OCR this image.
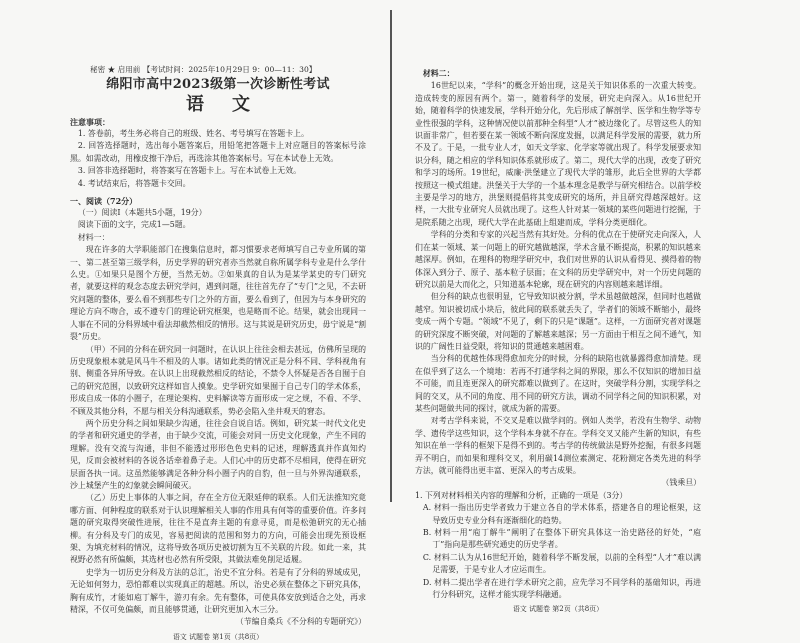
秘密 ★ 启用前 【考试时间：2025年10月29日 9：00—11：30】
绵阳市高中2023级第一次诊断性考试
语文
注意事项：

1. 答卷前，考生务必将自己的班级、姓名、考号填写在答题卡上。

2. 回答选择题时，选出每小题答案后，用铅笔把答题卡上对应题目的答案标号涂黑。如需改动，用橡皮擦干净后，再选涂其他答案标号。写在本试卷上无效。

3. 回答非选择题时，将答案写在答题卡上。写在本试卷上无效。

4. 考试结束后，将答题卡交回。

一、阅读（72分）

（一）阅读Ⅰ（本题共5小题，19分）

阅读下面的文字，完成1—5题。

材料一：

现在许多的大学职能部门在搜集信息时，都习惯要求老师填写自己专业所属的第一、第二甚至第三级学科，历史学界的研究者亦当然就自称所属学科专业是什么学什么史。①如果只是图个方便，当然无妨。②如果真的自认为是某学某史的专门研究者，就要这样的观念态度去研究学问，遇到问题，往往首先存了“专门”之见，不去研究问题的整体，要么看不到那些专门之外的方面，要么看到了，但因为与本身研究的理论方向不吻合，或不遵专门的理论研究框架，也是略而不论。结果，就会出现同一人事在不同的分科界域中看法却截然相反的情形。这与其说是研究历史，毋宁说是“割裂”历史。

（甲）不同的分科在研究同一问题时，在认识上往往会相去甚远，仿佛所呈现的历史现象根本就是风马牛不相及的人事。诸如此类的情况正是分科不同、学科视角有别、侧重各异所导致。在认识上出现截然相反的结论，不禁令人怀疑是否各自囿于自己的研究范围，以致研究这样如盲人摸象。史学研究如果囿于自己专门的学术体系，形成自成一体的小圈子，在理论架构、史料解读等方面形成一定之规，不看、不学、不顾及其他分科，不愿与相关分科沟通联系，势必会陷入坐井观天的窘态。

两个历史分科之间如果缺少沟通，往往会自说自话。例如，研究某一时代文化史的学者和研究通史的学者，由于缺少交流，可能会对同一历史文化现象，产生不同的理解。没有交流与沟通，非但不能透过形形色色史料的记述，理解透真并作真知灼见，反而会被材料的各说各话牵着鼻子走。人们心中的历史都不尽相同，使得在研究层面各执一词。这虽然能够满足各种分科小圈子内的自豹，但一旦与外界沟通联系，沙上城堡产生的幻象就会瞬间破灭。

（乙）历史上事体的人事之间，存在全方位无限延伸的联系。人们无法推知究竟哪方面、何种程度的联系对于认识理解相关人事的作用具有何等的重要价值。许多问题的研究取得突破性进展，往往不是直奔主题的有意寻觅，而是松弛研究的无心插柳。有分科及专门的成见，容易把阅读的范围和努力的方向，可能会出现先预设框架、为填充材料的情况，这将导致各项历史被切割为互不关联的片段。如此一来，其视野必然有所偏颇，其选材也必然有所受限，其做法难免削足适履。

史学为一切历史分科及方法的总汇，治史不宜分科。若是有了分科的界域成见，无论如何努力，恐怕都难以实现真正的超越。所以，治史必须在整体之下研究具体，胸有成竹，才能如庖丁解牛，游刃有余。先有整体，可使具体安放到适合之处，再求精深，不仅可免偏颇，而且能够贯通，让研究更加入木三分。

（节编自桑兵《不分科的专题研究》）
语文 试题卷 第1页（共8页）

材料二：

16世纪以来，“学科”的概念开始出现，这是关于知识体系的一次重大转变。造成转变的原因有两个。第一，随着科学的发展，研究走向深入。从16世纪开始，随着科学的快速发展，学科开始分化，先后形成了解剖学、医学和生物学等专业性很强的学科，这种情况使以前那种全科型“人才”被边缘化了。尽管这些人的知识面非常广，但若要在某一领域不断向深度发掘，以满足科学发展的需要，就力所不及了。于是，一批专业人才，如天文学家、化学家等就出现了。科学发展要求知识分科，随之相应的学科知识体系就形成了。第二，现代大学的出现，改变了研究和学习的场所。19世纪，威廉·洪堡建立了现代大学的雏形，此后全世界的大学都按照这一模式组建。洪堡关于大学的一个基本理念是教学与研究相结合。以前学校主要是学习的地方，洪堡则提倡将其变成研究的场所，并且研究得越深越好。这样，一大批专业研究人员就出现了。这些人针对某一领域的某些问题进行挖掘，于是院系随之出现，现代大学在此基础上组建而成，学科分类更细化。

学科的分类和专家的兴起当然有其好处。分科的优点在于使研究走向深入，人们在某一领域、某一问题上的研究越做越深，学术含量不断提高，积累的知识越来越深厚。例如，在理科的物理学研究中，我们对世界的认识从看得见、摸得着的物体深入到分子、原子、基本粒子层面；在文科的历史学研究中，对一个历史问题的研究以前是大而化之，只知道基本轮廓，现在研究的内容则越来越详细。

但分科的缺点也很明显，它导致知识被分割，学术虽越做越深，但同时也越做越窄。知识被切成小块后，彼此间的联系就丢失了，学者们的领域不断缩小，最终变成一两个专题。“领域”不见了，剩下的只是“课题”。这样，一方面研究者对课题的研究深度不断突破，对问题的了解越来越深；另一方面由于相互之间不通气，知识的广阔性日益受限，将知识的贯通越来越困难。

当分科的优越性体现得愈加充分的时候，分科的缺陷也就暴露得愈加清楚。现在似乎到了这么一个境地：若再不打通学科之间的界限，那么不仅知识的增加日益不可能，而且连更深入的研究都难以做到了。在这时，突破学科分割，实现学科之间的交叉，从不同的角度、用不同的研究方法，调动不同学科之间的知识积累，对某些问题做共同的探讨，就成为新的需要。

对考古学科来说，不交叉是难以做学问的。例如人类学，若没有生物学、动物学、遗传学这些知识，这个学科本身就不存在。学科交叉又能产生新的知识，有些知识在单一学科的框架下是得不到的。考古学的传统做法是野外挖掘，有很多问题弄不明白，而如果和理科交叉，利用碳14测位素测定、花粉测定各类先进的科学方法，就可能得出更丰富、更深入的考古成果。

（钱乘旦）

1. 下列对材料相关内容的理解和分析，正确的一项是（3分）

A. 材料一指出历史学者致力于建立各自的学术体系，搭建各自的理论框架，这导致历史专业分科有逐渐细化的趋势。

B. 材料一用“庖丁解牛”阐明了在整体下研究具体这一治史路径的好处，“庖丁”指向是那些研究通史的历史学者。

C. 材料二认为从16世纪开始，随着科学不断发展，以前的全科型“人才”难以满足需要，于是专业人才应运而生。

D. 材料二提出学者在进行学术研究之前，应先学习不同学科的基础知识，再进行分科研究，这样才能实现学科融通。

语文 试题卷 第2页（共8页）
